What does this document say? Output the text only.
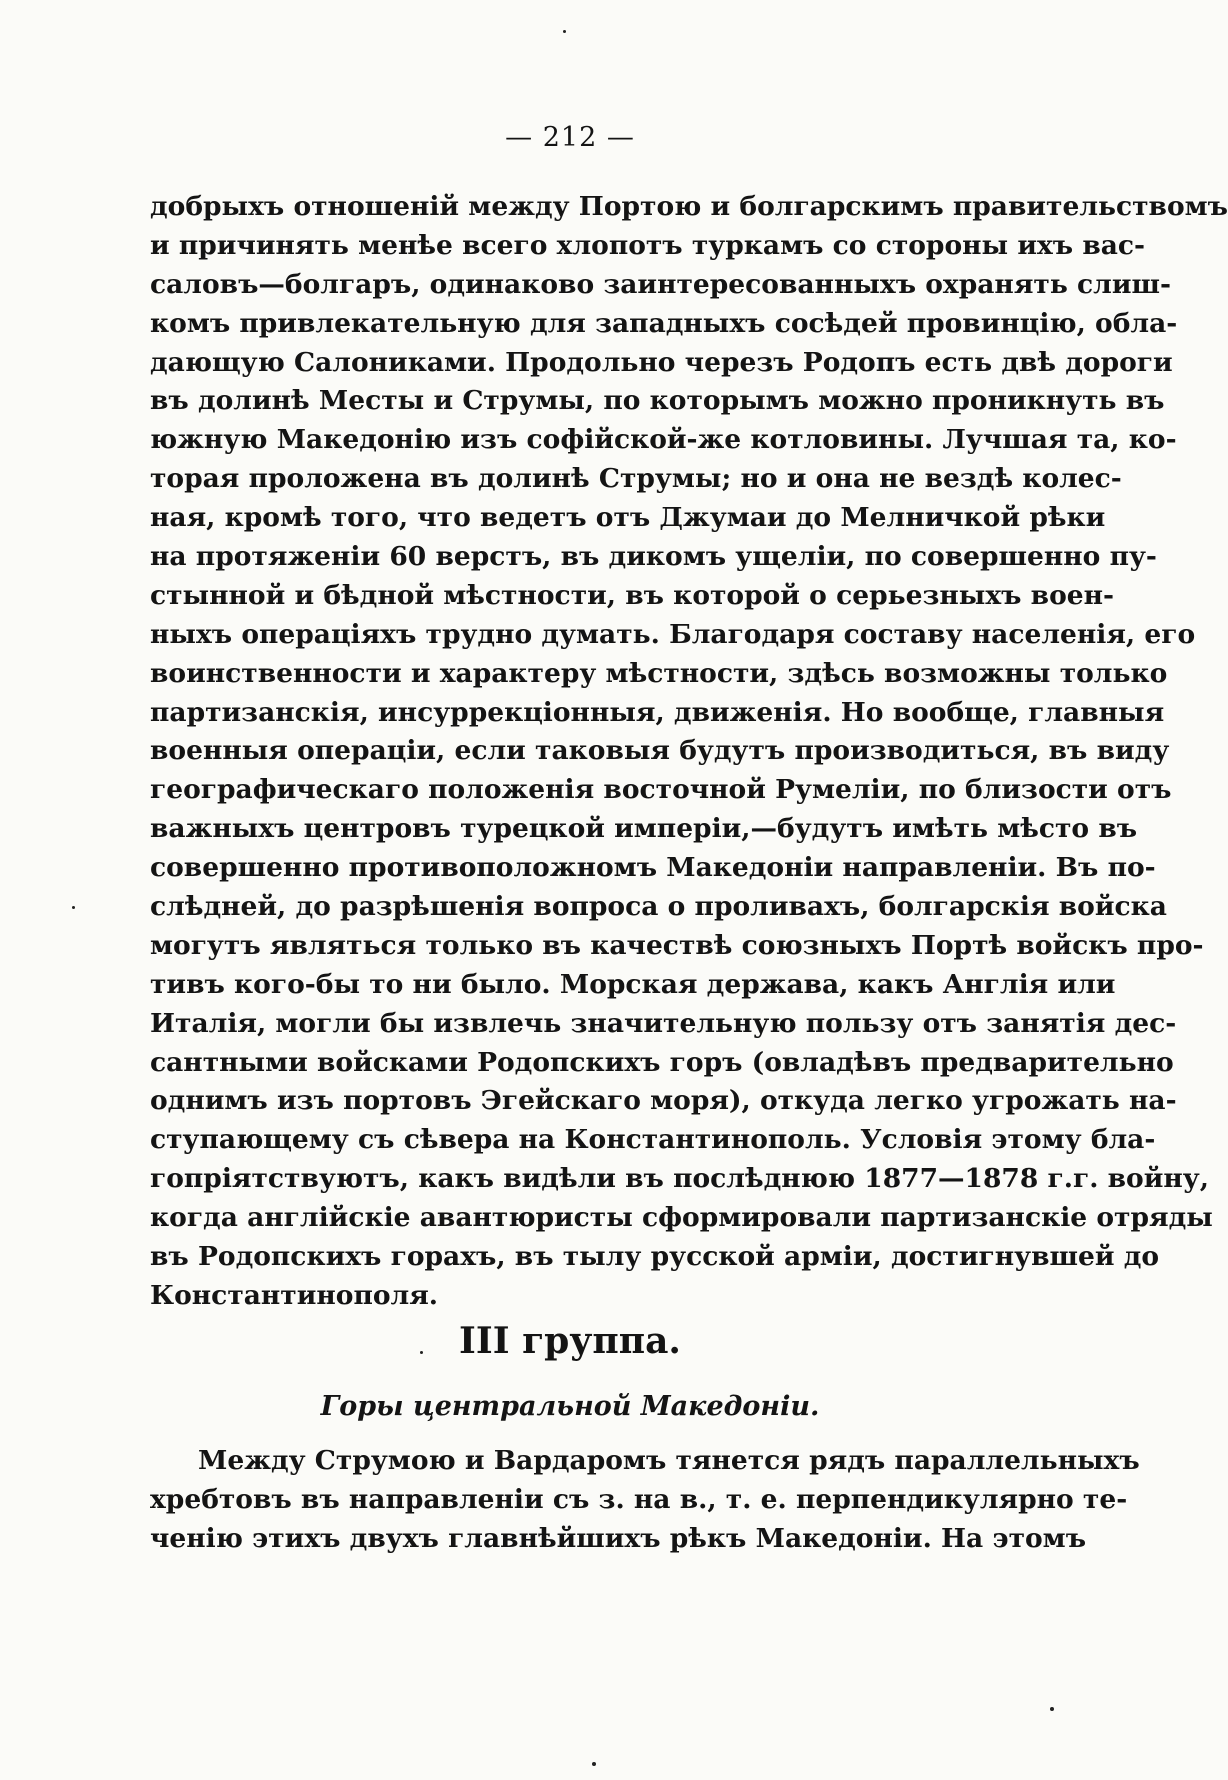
— 212 —
добрыхъ отношенiй между Портою и болгарскимъ правительствомъ
и причинять менѣе всего хлопотъ туркамъ со стороны ихъ вас-
саловъ—болгаръ, одинаково заинтересованныхъ охранять слиш-
комъ привлекательную для западныхъ сосѣдей провинцiю, обла-
дающую Салониками. Продольно черезъ Родопъ есть двѣ дороги
въ долинѣ Месты и Струмы, по которымъ можно проникнуть въ
южную Македонiю изъ софiйской-же котловины. Лучшая та, ко-
торая проложена въ долинѣ Струмы; но и она не вездѣ колес-
ная, кромѣ того, что ведетъ отъ Джумаи до Мелничкой рѣки
на протяженiи 60 верстъ, въ дикомъ ущелiи, по совершенно пу-
стынной и бѣдной мѣстности, въ которой о серьезныхъ воен-
ныхъ операцiяхъ трудно думать. Благодаря составу населенiя, его
воинственности и характеру мѣстности, здѣсь возможны только
партизанскiя, инсуррекцiонныя, движенiя. Но вообще, главныя
военныя операцiи, если таковыя будутъ производиться, въ виду
географическаго положенiя восточной Румелiи, по близости отъ
важныхъ центровъ турецкой имперiи,—будутъ имѣть мѣсто въ
совершенно противоположномъ Македонiи направленiи. Въ по-
слѣдней, до разрѣшенiя вопроса о проливахъ, болгарскiя войска
могутъ являться только въ качествѣ союзныхъ Портѣ войскъ про-
тивъ кого-бы то ни было. Морская держава, какъ Англiя или
Италiя, могли бы извлечь значительную пользу отъ занятiя дес-
сантными войсками Родопскихъ горъ (овладѣвъ предварительно
однимъ изъ портовъ Эгейскаго моря), откуда легко угрожать на-
ступающему съ сѣвера на Константинополь. Условiя этому бла-
гопрiятствуютъ, какъ видѣли въ послѣднюю 1877—1878 г.г. войну,
когда англiйскiе авантюристы сформировали партизанскiе отряды
въ Родопскихъ горахъ, въ тылу русской армiи, достигнувшей до
Константинополя.
III группа.
Горы центральной Македонiи.
Между Струмою и Вардаромъ тянется рядъ параллельныхъ
хребтовъ въ направленiи съ з. на в., т. е. перпендикулярно те-
ченiю этихъ двухъ главнѣйшихъ рѣкъ Македонiи. На этомъ
